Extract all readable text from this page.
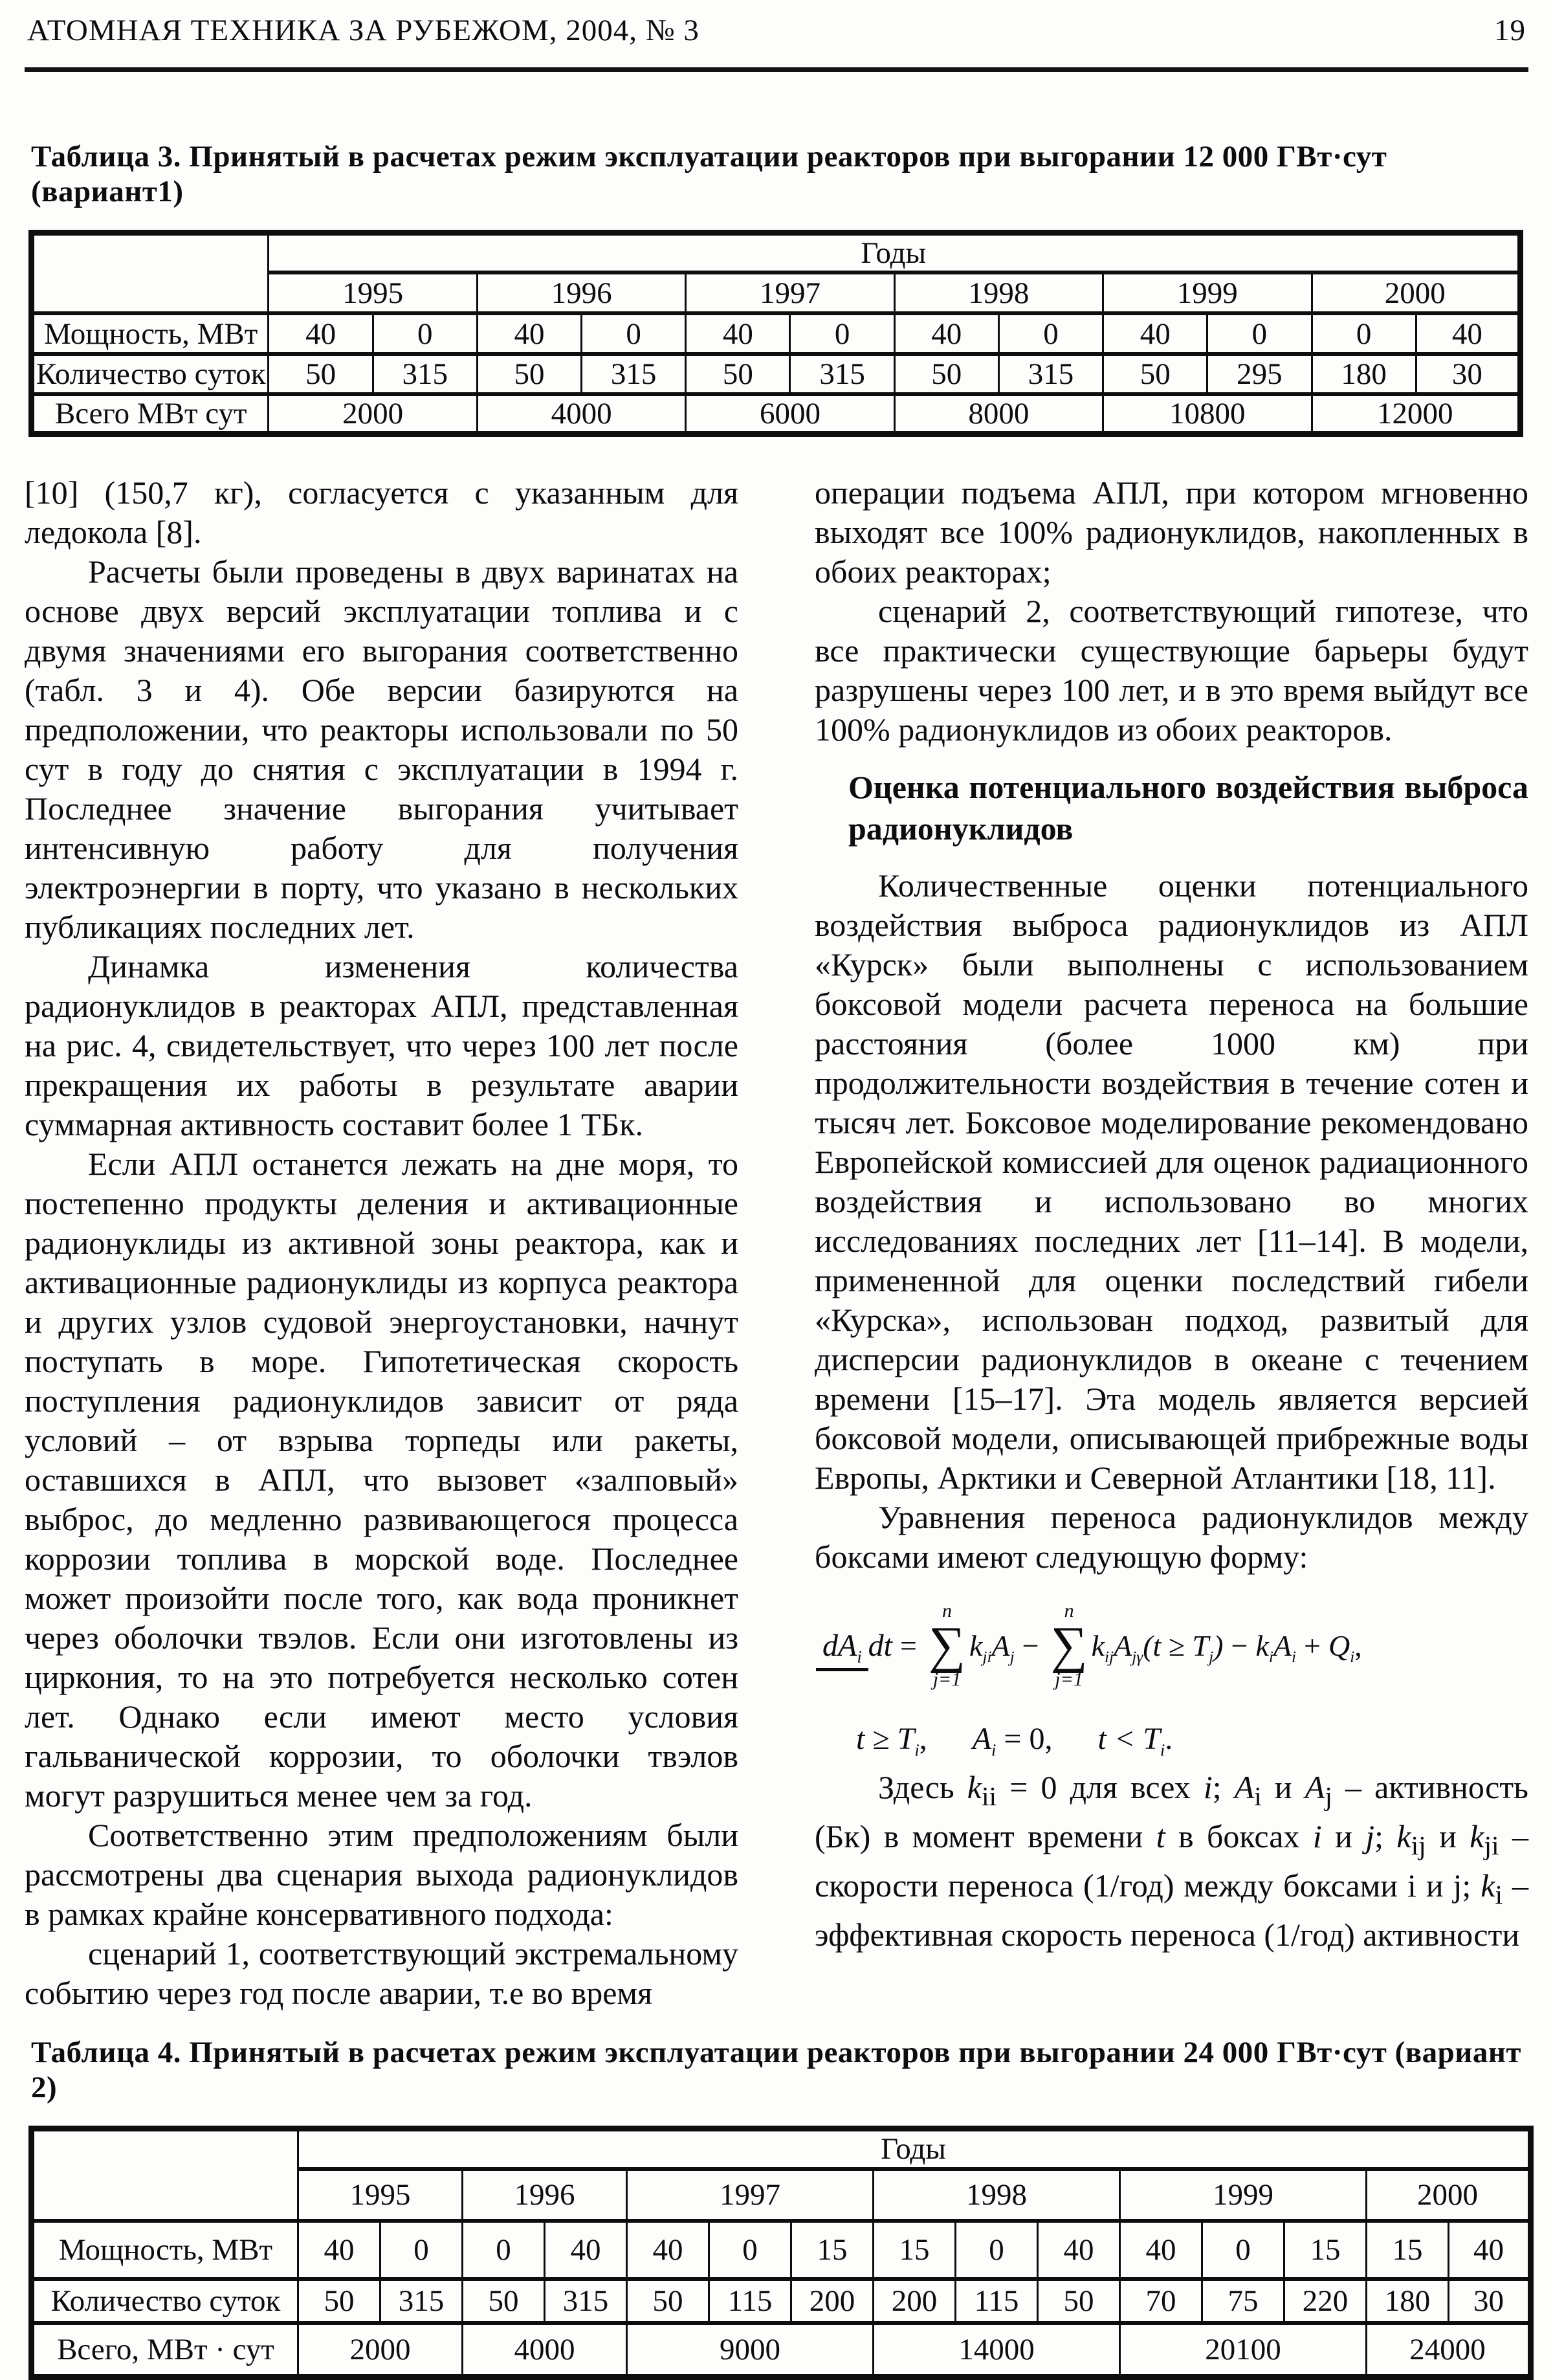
АТОМНАЯ ТЕХНИКА ЗА РУБЕЖОМ, 2004, № 3	19
Таблица 3. Принятый в расчетах режим эксплуатации реакторов при выгорании 12 000 ГВт·сут (вариант1)
	Годы											
	1995		1996		1997		1998		1999		2000	
Мощность, МВт	40	0	40	0	40	0	40	0	40	0	0	40
Количество суток	50	315	50	315	50	315	50	315	50	295	180	30
Всего МВт сут	2000		4000		6000		8000		10800		12000	

[10] (150,7 кг), согласуется с указанным для ледокола [8].

Расчеты были проведены в двух варинатах на основе двух версий эксплуатации топлива и с двумя значениями его выгорания соответственно (табл. 3 и 4). Обе версии базируются на предположении, что реакторы использовали по 50 сут в году до снятия с эксплуатации в 1994 г. Последнее значение выгорания учитывает интенсивную работу для получения электроэнергии в порту, что указано в нескольких публикациях последних лет.

Динамка изменения количества радионуклидов в реакторах АПЛ, представленная на рис. 4, свидетельствует, что через 100 лет после прекращения их работы в результате аварии суммарная активность составит более 1 ТБк.

Если АПЛ останется лежать на дне моря, то постепенно продукты деления и активационные радионуклиды из активной зоны реактора, как и активационные радионуклиды из корпуса реактора и других узлов судовой энергоустановки, начнут поступать в море. Гипотетическая скорость поступления радионуклидов зависит от ряда условий – от взрыва торпеды или ракеты, оставшихся в АПЛ, что вызовет «залповый» выброс, до медленно развивающегося процесса коррозии топлива в морской воде. Последнее может произойти после того, как вода проникнет через оболочки твэлов. Если они изготовлены из циркония, то на это потребуется несколько сотен лет. Однако если имеют место условия гальванической коррозии, то оболочки твэлов могут разрушиться менее чем за год.

Соответственно этим предположениям были рассмотрены два сценария выхода радионуклидов в рамках крайне консервативного подхода:

сценарий 1, соответствующий экстремальному событию через год после аварии, т.е во время

операции подъема АПЛ, при котором мгновенно выходят все 100% радионуклидов, накопленных в обоих реакторах;

сценарий 2, соответствующий гипотезе, что все практически существующие барьеры будут разрушены через 100 лет, и в это время выйдут все 100% радионуклидов из обоих реакторов.

Оценка потенциального воздействия выброса радионуклидов

Количественные оценки потенциального воздействия выброса радионуклидов из АПЛ «Курск» были выполнены с использованием боксовой модели расчета переноса на большие расстояния (более 1000 км) при продолжительности воздействия в течение сотен и тысяч лет. Боксовое моделирование рекомендовано Европейской комиссией для оценок радиационного воздействия и использовано во многих исследованиях последних лет [11–14]. В модели, примененной для оценки последствий гибели «Курска», использован подход, развитый для дисперсии радионуклидов в океане с течением времени [15–17]. Эта модель является версией боксовой модели, описывающей прибрежные воды Европы, Арктики и Северной Атлантики [18, 11].

Уравнения переноса радионуклидов между боксами имеют следующую форму:

$dA_i$ dt =
n
∑
j=1
$k_{ji}A_j$ −
n
∑
j=1
$k_{ij}A_{j\gamma}$ $(t \ge T_j) - k_iA_i + Q_i$,
$t \ge T_i$, $A_i = 0$, $t < T_i$.

Здесь $k_{ii} = 0$ для всех i; $A_i$ и $A_j$ – активность (Бк) в момент времени t в боксах i и j; $k_{ij}$ и $k_{ji}$ – скорости переноса (1/год) между боксами i и j; $k_i$ – эффективная скорость переноса (1/год) активности

Таблица 4. Принятый в расчетах режим эксплуатации реакторов при выгорании 24 000 ГВт·сут (вариант 2)
	Годы														
	1995		1996		1997			1998			1999			2000	
Мощность, МВт	40	0	0	40	40	0	15	15	0	40	40	0	15	15	40
Количество суток	50	315	50	315	50	115	200	200	115	50	70	75	220	180	30
Всего, МВт · сут	2000		4000		9000			14000			20100			24000	
